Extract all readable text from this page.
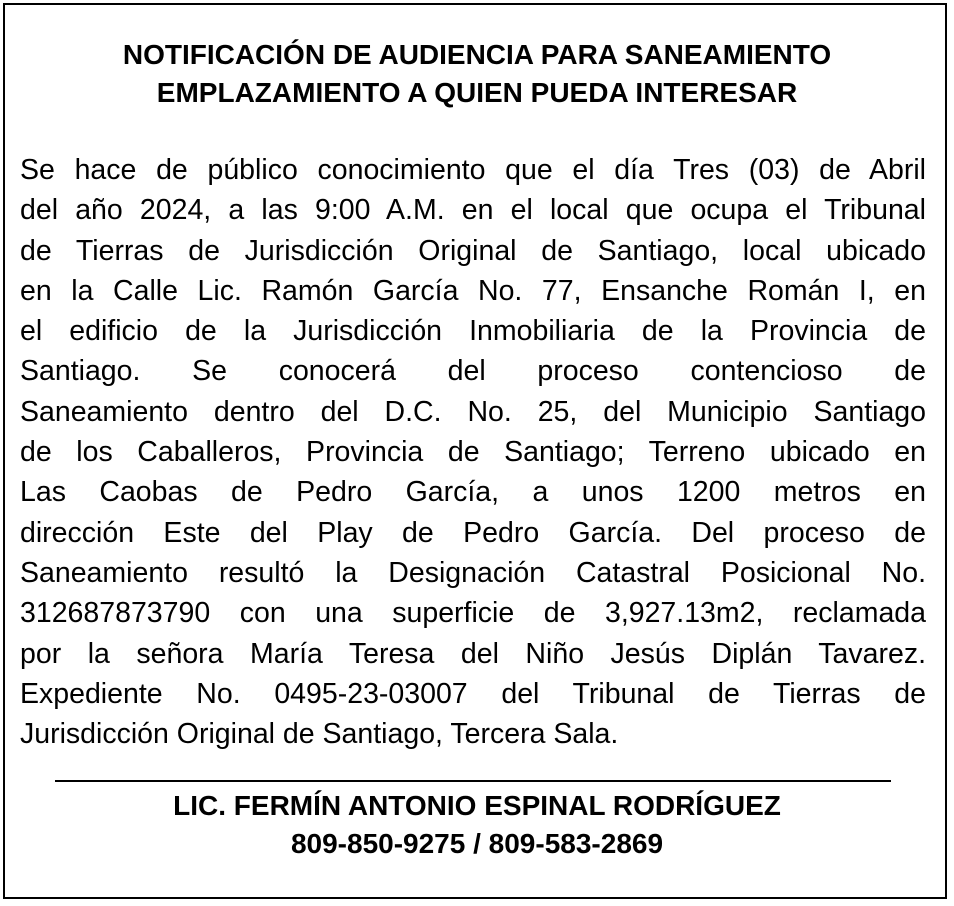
NOTIFICACIÓN DE AUDIENCIA PARA SANEAMIENTO
EMPLAZAMIENTO A QUIEN PUEDA INTERESAR
Se hace de público conocimiento que el día Tres (03) de Abril
del año 2024, a las 9:00 A.M. en el local que ocupa el Tribunal
de Tierras de Jurisdicción Original de Santiago, local ubicado
en la Calle Lic. Ramón García No. 77, Ensanche Román I, en
el edificio de la Jurisdicción Inmobiliaria de la Provincia de
Santiago. Se conocerá del proceso contencioso de
Saneamiento dentro del D.C. No. 25, del Municipio Santiago
de los Caballeros, Provincia de Santiago; Terreno ubicado en
Las Caobas de Pedro García, a unos 1200 metros en
dirección Este del Play de Pedro García. Del proceso de
Saneamiento resultó la Designación Catastral Posicional No.
312687873790 con una superficie de 3,927.13m2, reclamada
por la señora María Teresa del Niño Jesús Diplán Tavarez.
Expediente No. 0495-23-03007 del Tribunal de Tierras de
Jurisdicción Original de Santiago, Tercera Sala.
LIC. FERMÍN ANTONIO ESPINAL RODRÍGUEZ
809-850-9275 / 809-583-2869
